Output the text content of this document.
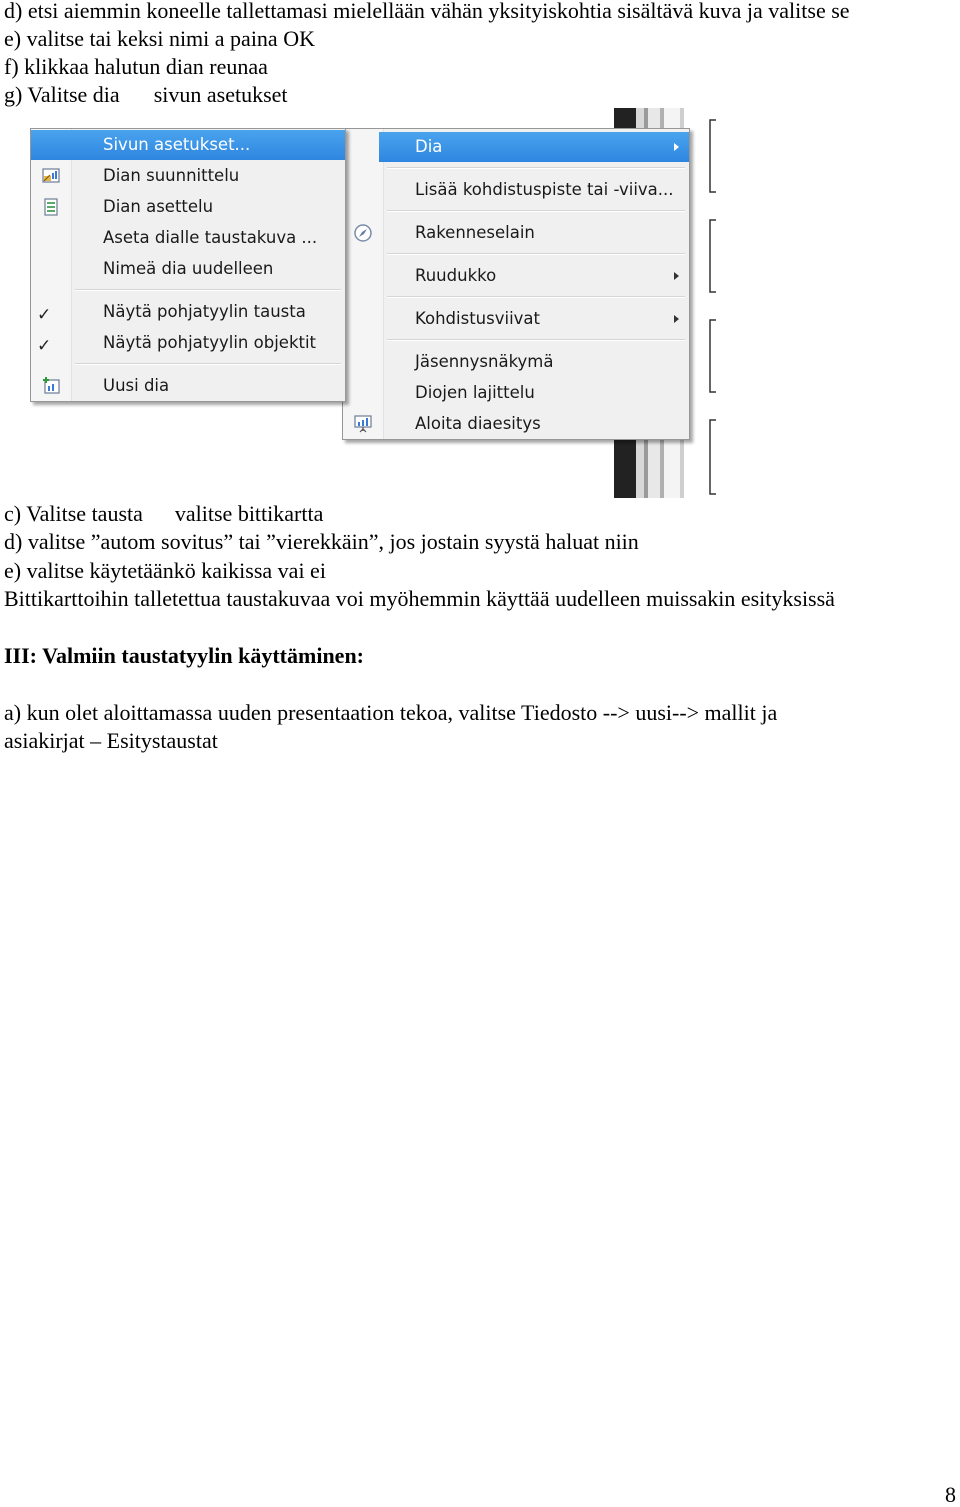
d) etsi aiemmin koneelle tallettamasi mielellään vähän yksityiskohtia sisältävä kuva ja valitse se
e) valitse tai keksi nimi a paina OK
f) klikkaa halutun dian reunaa
g) Valitse dia sivun asetukset
Dia
Lisää kohdistuspiste tai -viiva...
Rakenneselain
Ruudukko
Kohdistusviivat
Jäsennysnäkymä
Diojen lajittelu
Aloita diaesitys
Sivun asetukset...
Dian suunnittelu
Dian asettelu
Aseta dialle taustakuva ...
Nimeä dia uudelleen
✓	Näytä pohjatyylin tausta
✓	Näytä pohjatyylin objektit
Uusi dia
c) Valitse tausta valitse bittikartta
d) valitse ”autom sovitus” tai ”vierekkäin”, jos jostain syystä haluat niin
e) valitse käytetäänkö kaikissa vai ei
Bittikarttoihin talletettua taustakuvaa voi myöhemmin käyttää uudelleen muissakin esityksissä
III: Valmiin taustatyylin käyttäminen:
a) kun olet aloittamassa uuden presentaation tekoa, valitse Tiedosto --> uusi--> mallit ja
asiakirjat – Esitystaustat
8
